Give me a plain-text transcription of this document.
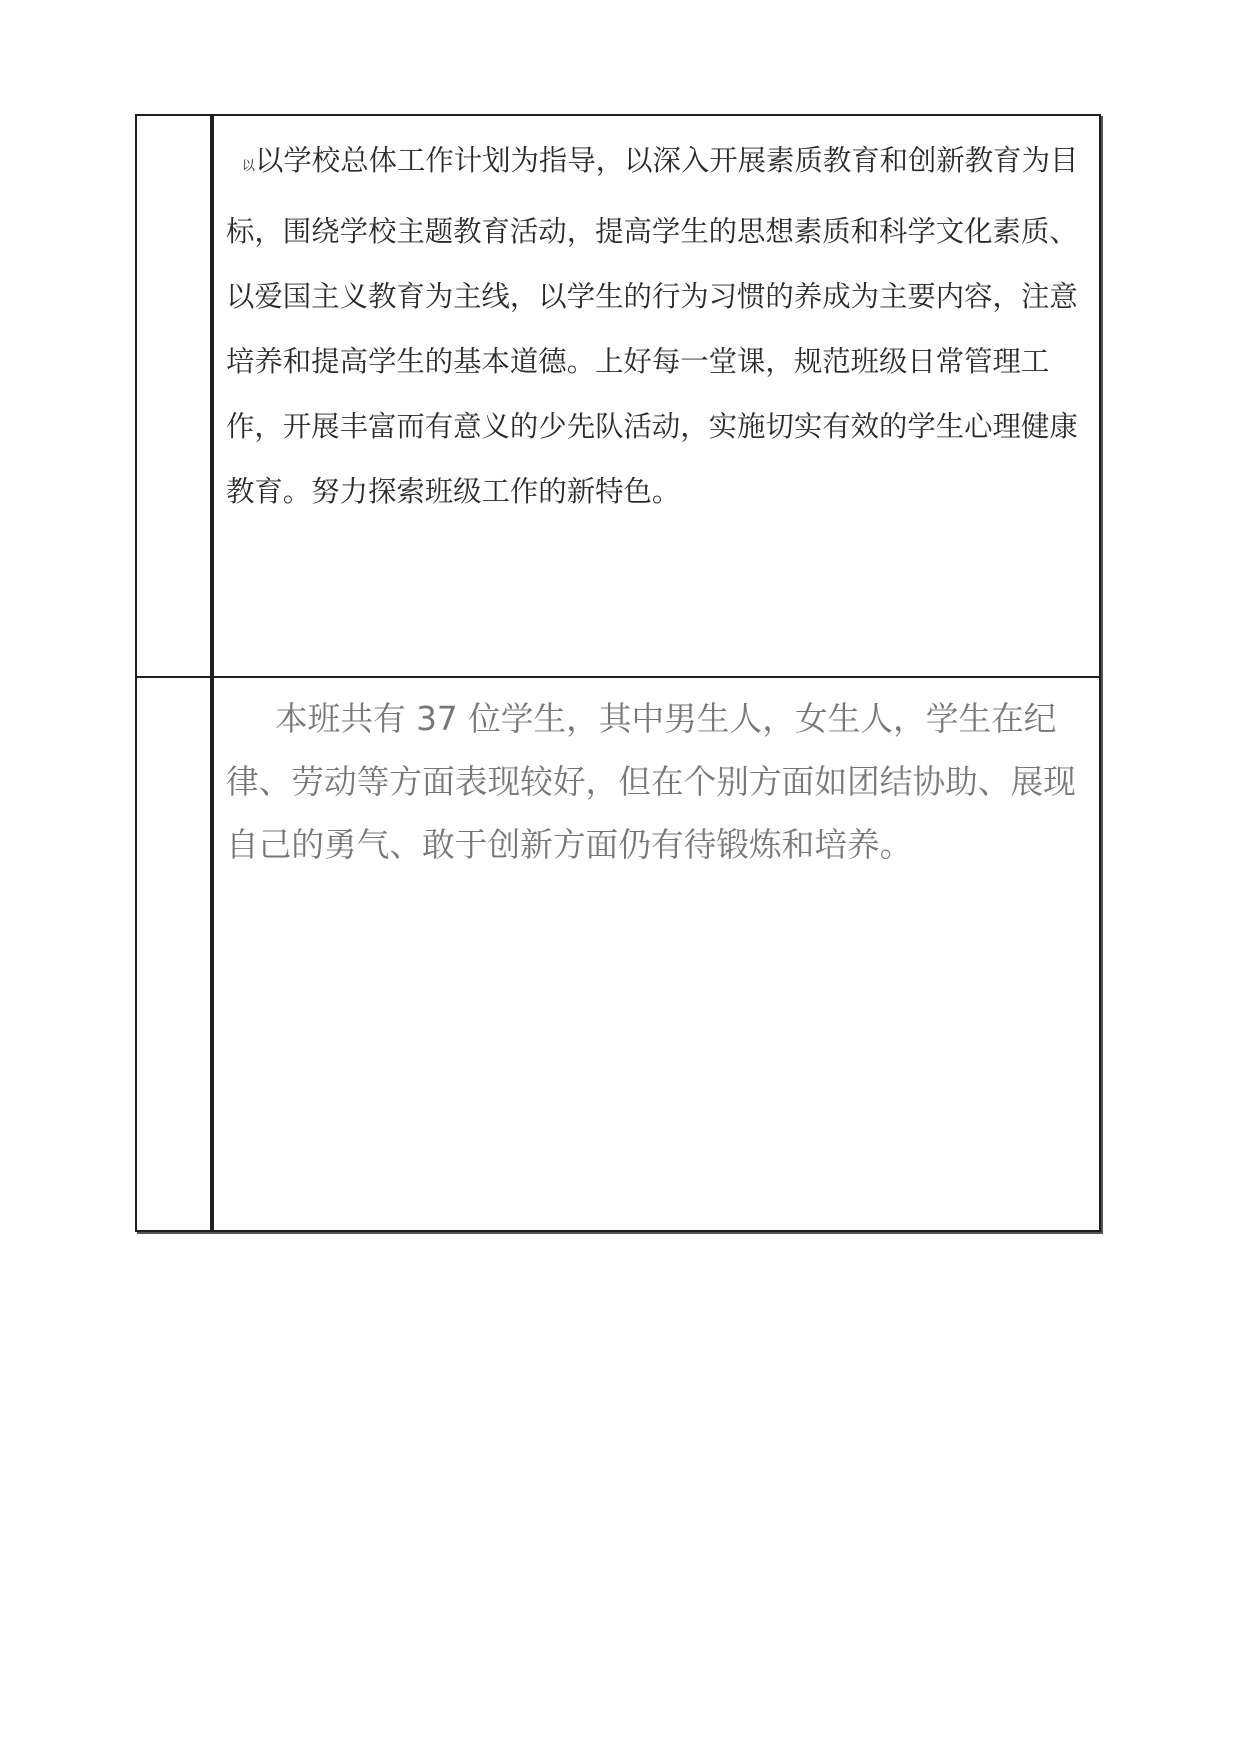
以以学校总体工作计划为指导，以深入开展素质教育和创新教育为目标，围绕学校主题教育活动，提高学生的思想素质和科学文化素质、以爱国主义教育为主线，以学生的行为习惯的养成为主要内容，注意培养和提高学生的基本道德。上好每一堂课，规范班级日常管理工作，开展丰富而有意义的少先队活动，实施切实有效的学生心理健康教育。努力探索班级工作的新特色。

本班共有 37 位学生，其中男生人，女生人，学生在纪律、劳动等方面表现较好，但在个别方面如团结协助、展现自己的勇气、敢于创新方面仍有待锻炼和培养。
